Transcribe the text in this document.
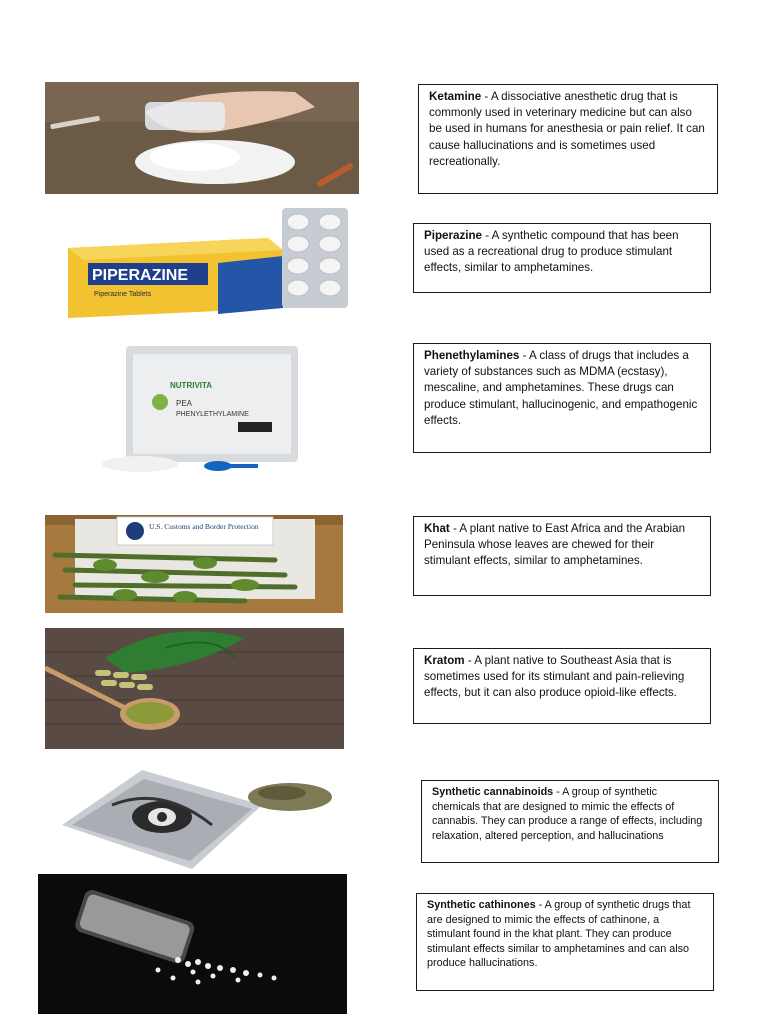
Ketamine - A dissociative anesthetic drug that is commonly used in veterinary medicine but can also be used in humans for anesthesia or pain relief. It can cause hallucinations and is sometimes used recreationally.
PIPERAZINE
Piperazine Tablets
Piperazine - A synthetic compound that has been used as a recreational drug to produce stimulant effects, similar to amphetamines.
NUTRIVITA
PEA
PHENYLETHYLAMINE
Phenethylamines - A class of drugs that includes a variety of substances such as MDMA (ecstasy), mescaline, and amphetamines. These drugs can produce stimulant, hallucinogenic, and empathogenic effects.
U.S. Customs and Border Protection	Khat - A plant native to East Africa and the Arabian Peninsula whose leaves are chewed for their stimulant effects, similar to amphetamines.
Kratom - A plant native to Southeast Asia that is sometimes used for its stimulant and pain-relieving effects, but it can also produce opioid-like effects.
Synthetic cannabinoids - A group of synthetic chemicals that are designed to mimic the effects of cannabis. They can produce a range of effects, including relaxation, altered perception, and hallucinations
Synthetic cathinones - A group of synthetic drugs that are designed to mimic the effects of cathinone, a stimulant found in the khat plant. They can produce stimulant effects similar to amphetamines and can also produce hallucinations.
